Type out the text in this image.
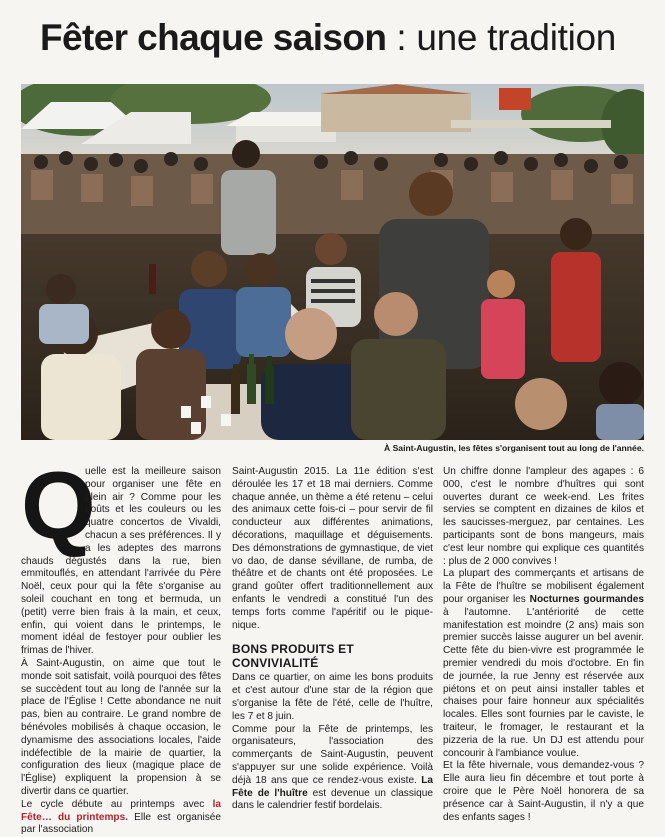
Fêter chaque saison : une tradition
À Saint-Augustin, les fêtes s'organisent tout au long de l'année.
Q

uelle est la meilleure saison pour organiser une fête en plein air ? Comme pour les goûts et les couleurs ou les quatre concertos de Vivaldi, chacun a ses préférences. Il y a les adeptes des marrons chauds dégustés dans la rue, bien emmitouflés, en attendant l'arrivée du Père Noël, ceux pour qui la fête s'organise au soleil couchant en tong et bermuda, un (petit) verre bien frais à la main, et ceux, enfin, qui voient dans le printemps, le moment idéal de festoyer pour oublier les frimas de l'hiver.

À Saint-Augustin, on aime que tout le monde soit satisfait, voilà pourquoi des fêtes se succèdent tout au long de l'année sur la place de l'Église ! Cette abondance ne nuit pas, bien au contraire. Le grand nombre de bénévoles mobilisés à chaque occasion, le dynamisme des associations locales, l'aide indéfectible de la mairie de quartier, la configuration des lieux (magique place de l'Église) expliquent la propension à se divertir dans ce quartier.

Le cycle débute au printemps avec la Fête… du printemps. Elle est organisée par l'association

Saint-Augustin 2015. La 11e édition s'est déroulée les 17 et 18 mai derniers. Comme chaque année, un thème a été retenu – celui des animaux cette fois-ci – pour servir de fil conducteur aux différentes animations, décorations, maquillage et déguisements. Des démonstrations de gymnastique, de viet vo dao, de danse sévillane, de rumba, de théâtre et de chants ont été proposées. Le grand goûter offert traditionnellement aux enfants le vendredi a constitué l'un des temps forts comme l'apéritif ou le pique-nique.

BONS PRODUITS ET
CONVIVIALITÉ

Dans ce quartier, on aime les bons produits et c'est autour d'une star de la région que s'organise la fête de l'été, celle de l'huître, les 7 et 8 juin.

Comme pour la Fête de printemps, les organisateurs, l'association des commerçants de Saint-Augustin, peuvent s'appuyer sur une solide expérience. Voilà déjà 18 ans que ce rendez-vous existe. La Fête de l'huître est devenue un classique dans le calendrier festif bordelais.

Un chiffre donne l'ampleur des agapes : 6 000, c'est le nombre d'huîtres qui sont ouvertes durant ce week-end. Les frites servies se comptent en dizaines de kilos et les saucisses-merguez, par centaines. Les participants sont de bons mangeurs, mais c'est leur nombre qui explique ces quantités : plus de 2 000 convives !

La plupart des commerçants et artisans de la Fête de l'huître se mobilisent également pour organiser les Nocturnes gourmandes à l'automne. L'antériorité de cette manifestation est moindre (2 ans) mais son premier succès laisse augurer un bel avenir. Cette fête du bien-vivre est programmée le premier vendredi du mois d'octobre. En fin de journée, la rue Jenny est réservée aux piétons et on peut ainsi installer tables et chaises pour faire honneur aux spécialités locales. Elles sont fournies par le caviste, le traiteur, le fromager, le restaurant et la pizzeria de la rue. Un DJ est attendu pour concourir à l'ambiance voulue.

Et la fête hivernale, vous demandez-vous ? Elle aura lieu fin décembre et tout porte à croire que le Père Noël honorera de sa présence car à Saint-Augustin, il n'y a que des enfants sages !
